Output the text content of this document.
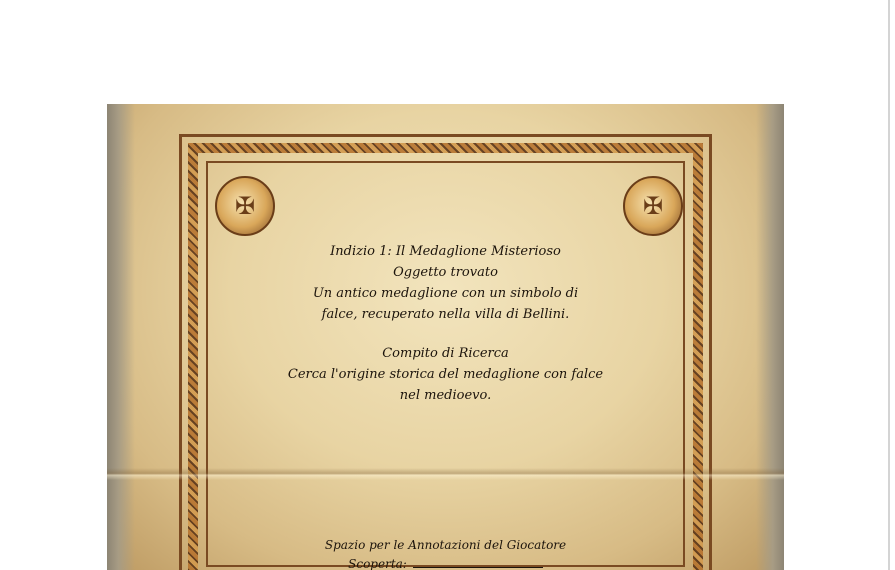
✠	✠
Indizio 1: Il Medaglione Misterioso
Oggetto trovato
Un antico medaglione con un simbolo di falce, recuperato nella villa di Bellini.
Compito di Ricerca
Cerca l'origine storica del medaglione con falce nel medioevo.
Spazio per le Annotazioni del Giocatore
Scoperta:
